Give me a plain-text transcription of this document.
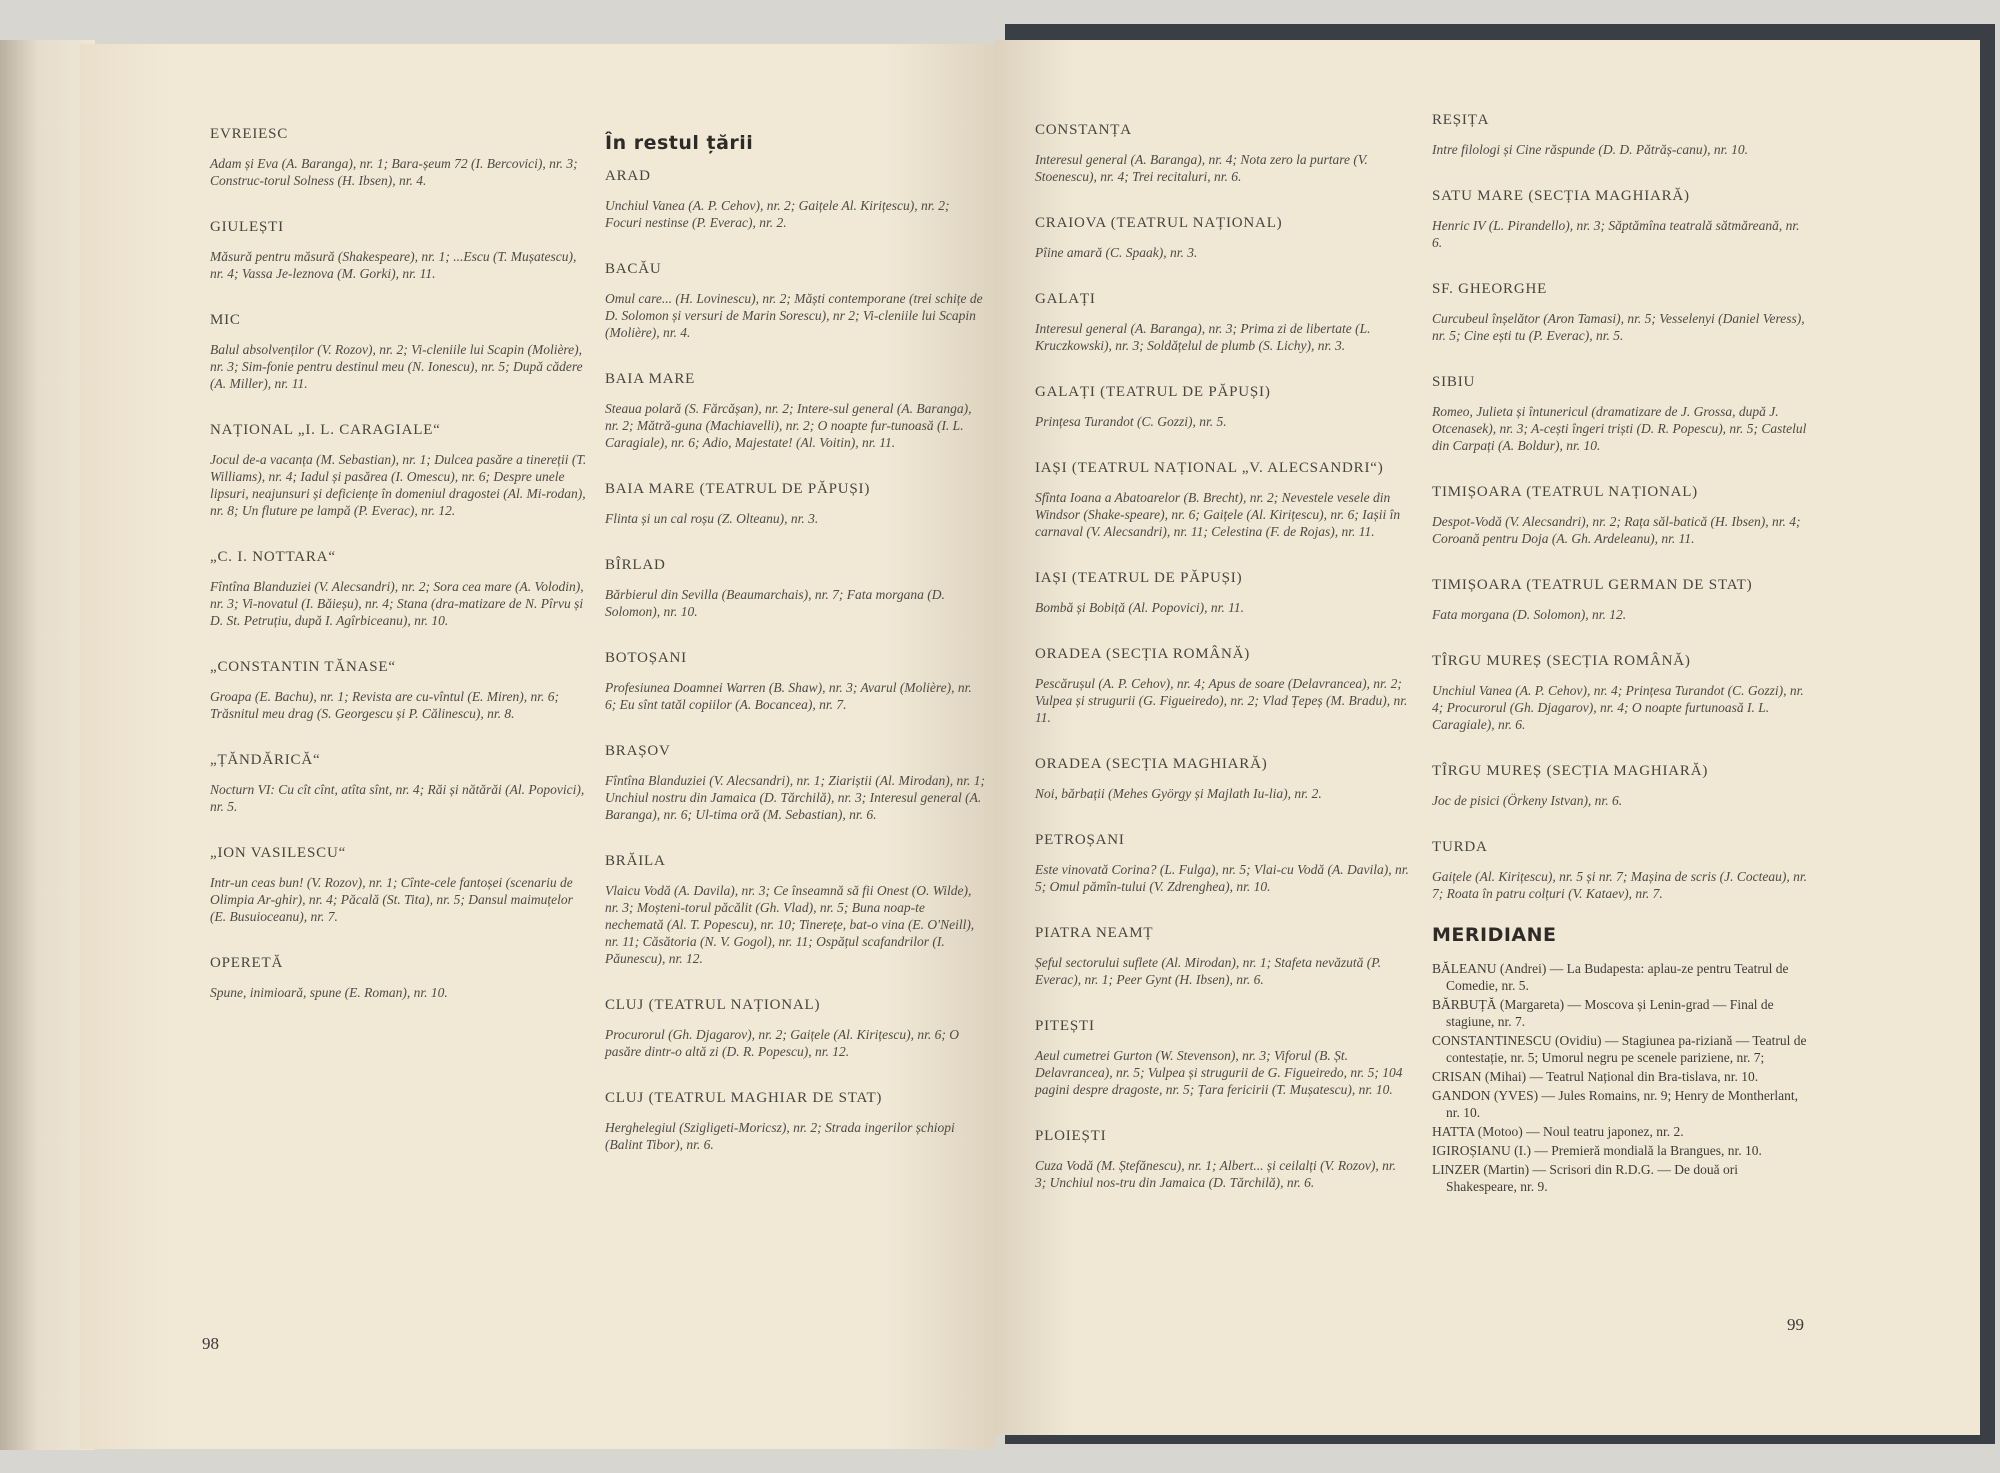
EVREIESC
Adam și Eva (A. Baranga), nr. 1; Bara-șeum 72 (I. Bercovici), nr. 3; Construc-torul Solness (H. Ibsen), nr. 4.
GIULEȘTI
Măsură pentru măsură (Shakespeare), nr. 1; ...Escu (T. Mușatescu), nr. 4; Vassa Je-leznova (M. Gorki), nr. 11.
MIC
Balul absolvenților (V. Rozov), nr. 2; Vi-cleniile lui Scapin (Molière), nr. 3; Sim-fonie pentru destinul meu (N. Ionescu), nr. 5; După cădere (A. Miller), nr. 11.
NAȚIONAL „I. L. CARAGIALE“
Jocul de-a vacanța (M. Sebastian), nr. 1; Dulcea pasăre a tinereții (T. Williams), nr. 4; Iadul și pasărea (I. Omescu), nr. 6; Despre unele lipsuri, neajunsuri și deficiențe în domeniul dragostei (Al. Mi-rodan), nr. 8; Un fluture pe lampă (P. Everac), nr. 12.
„C. I. NOTTARA“
Fîntîna Blanduziei (V. Alecsandri), nr. 2; Sora cea mare (A. Volodin), nr. 3; Vi-novatul (I. Băieșu), nr. 4; Stana (dra-matizare de N. Pîrvu și D. St. Petruțiu, după I. Agîrbiceanu), nr. 10.
„CONSTANTIN TĂNASE“
Groapa (E. Bachu), nr. 1; Revista are cu-vîntul (E. Miren), nr. 6; Trăsnitul meu drag (S. Georgescu și P. Călinescu), nr. 8.
„ȚĂNDĂRICĂ“
Nocturn VI: Cu cît cînt, atîta sînt, nr. 4; Răi și nătărăi (Al. Popovici), nr. 5.
„ION VASILESCU“
Intr-un ceas bun! (V. Rozov), nr. 1; Cînte-cele fantoșei (scenariu de Olimpia Ar-ghir), nr. 4; Păcală (St. Tita), nr. 5; Dansul maimuțelor (E. Busuioceanu), nr. 7.
OPERETĂ
Spune, inimioară, spune (E. Roman), nr. 10.
În restul țării
ARAD
Unchiul Vanea (A. P. Cehov), nr. 2; Gaițele Al. Kirițescu), nr. 2; Focuri nestinse (P. Everac), nr. 2.
BACĂU
Omul care... (H. Lovinescu), nr. 2; Măști contemporane (trei schițe de D. Solomon și versuri de Marin Sorescu), nr 2; Vi-cleniile lui Scapin (Molière), nr. 4.
BAIA MARE
Steaua polară (S. Fărcășan), nr. 2; Intere-sul general (A. Baranga), nr. 2; Mătră-guna (Machiavelli), nr. 2; O noapte fur-tunoasă (I. L. Caragiale), nr. 6; Adio, Majestate! (Al. Voitin), nr. 11.
BAIA MARE (TEATRUL DE PĂPUȘI)
Flinta și un cal roșu (Z. Olteanu), nr. 3.
BÎRLAD
Bărbierul din Sevilla (Beaumarchais), nr. 7; Fata morgana (D. Solomon), nr. 10.
BOTOȘANI
Profesiunea Doamnei Warren (B. Shaw), nr. 3; Avarul (Molière), nr. 6; Eu sînt tatăl copiilor (A. Bocancea), nr. 7.
BRAȘOV
Fîntîna Blanduziei (V. Alecsandri), nr. 1; Ziariștii (Al. Mirodan), nr. 1; Unchiul nostru din Jamaica (D. Tărchilă), nr. 3; Interesul general (A. Baranga), nr. 6; Ul-tima oră (M. Sebastian), nr. 6.
BRĂILA
Vlaicu Vodă (A. Davila), nr. 3; Ce înseamnă să fii Onest (O. Wilde), nr. 3; Moșteni-torul păcălit (Gh. Vlad), nr. 5; Buna noap-te nechemată (Al. T. Popescu), nr. 10; Tinerețe, bat-o vina (E. O'Neill), nr. 11; Căsătoria (N. V. Gogol), nr. 11; Ospățul scafandrilor (I. Păunescu), nr. 12.
CLUJ (TEATRUL NAȚIONAL)
Procurorul (Gh. Djagarov), nr. 2; Gaițele (Al. Kirițescu), nr. 6; O pasăre dintr-o altă zi (D. R. Popescu), nr. 12.
CLUJ (TEATRUL MAGHIAR DE STAT)
Herghelegiul (Szigligeti-Moricsz), nr. 2; Strada ingerilor șchiopi (Balint Tibor), nr. 6.
98
CONSTANȚA
Interesul general (A. Baranga), nr. 4; Nota zero la purtare (V. Stoenescu), nr. 4; Trei recitaluri, nr. 6.
CRAIOVA (TEATRUL NAȚIONAL)
Pîine amară (C. Spaak), nr. 3.
GALAȚI
Interesul general (A. Baranga), nr. 3; Prima zi de libertate (L. Kruczkowski), nr. 3; Soldățelul de plumb (S. Lichy), nr. 3.
GALAȚI (TEATRUL DE PĂPUȘI)
Prințesa Turandot (C. Gozzi), nr. 5.
IAȘI (TEATRUL NAȚIONAL „V. ALECSANDRI“)
Sfînta Ioana a Abatoarelor (B. Brecht), nr. 2; Nevestele vesele din Windsor (Shake-speare), nr. 6; Gaițele (Al. Kirițescu), nr. 6; Iașii în carnaval (V. Alecsandri), nr. 11; Celestina (F. de Rojas), nr. 11.
IAȘI (TEATRUL DE PĂPUȘI)
Bombă și Bobiță (Al. Popovici), nr. 11.
ORADEA (SECȚIA ROMÂNĂ)
Pescărușul (A. P. Cehov), nr. 4; Apus de soare (Delavrancea), nr. 2; Vulpea și strugurii (G. Figueiredo), nr. 2; Vlad Țepeș (M. Bradu), nr. 11.
ORADEA (SECȚIA MAGHIARĂ)
Noi, bărbații (Mehes György și Majlath Iu-lia), nr. 2.
PETROȘANI
Este vinovată Corina? (L. Fulga), nr. 5; Vlai-cu Vodă (A. Davila), nr. 5; Omul pămîn-tului (V. Zdrenghea), nr. 10.
PIATRA NEAMȚ
Șeful sectorului suflete (Al. Mirodan), nr. 1; Stafeta nevăzută (P. Everac), nr. 1; Peer Gynt (H. Ibsen), nr. 6.
PITEȘTI
Aeul cumetrei Gurton (W. Stevenson), nr. 3; Viforul (B. Șt. Delavrancea), nr. 5; Vulpea și strugurii de G. Figueiredo, nr. 5; 104 pagini despre dragoste, nr. 5; Țara fericirii (T. Mușatescu), nr. 10.
PLOIEȘTI
Cuza Vodă (M. Ștefănescu), nr. 1; Albert... și ceilalți (V. Rozov), nr. 3; Unchiul nos-tru din Jamaica (D. Tărchilă), nr. 6.
REȘIȚA
Intre filologi și Cine răspunde (D. D. Pătrăș-canu), nr. 10.
SATU MARE (SECȚIA MAGHIARĂ)
Henric IV (L. Pirandello), nr. 3; Săptămîna teatrală sătmăreană, nr. 6.
SF. GHEORGHE
Curcubeul înșelător (Aron Tamasi), nr. 5; Vesselenyi (Daniel Veress), nr. 5; Cine ești tu (P. Everac), nr. 5.
SIBIU
Romeo, Julieta și întunericul (dramatizare de J. Grossa, după J. Otcenasek), nr. 3; A-cești îngeri triști (D. R. Popescu), nr. 5; Castelul din Carpați (A. Boldur), nr. 10.
TIMIȘOARA (TEATRUL NAȚIONAL)
Despot-Vodă (V. Alecsandri), nr. 2; Rața săl-batică (H. Ibsen), nr. 4; Coroană pentru Doja (A. Gh. Ardeleanu), nr. 11.
TIMIȘOARA (TEATRUL GERMAN DE STAT)
Fata morgana (D. Solomon), nr. 12.
TÎRGU MUREȘ (SECȚIA ROMÂNĂ)
Unchiul Vanea (A. P. Cehov), nr. 4; Prințesa Turandot (C. Gozzi), nr. 4; Procurorul (Gh. Djagarov), nr. 4; O noapte furtunoasă I. L. Caragiale), nr. 6.
TÎRGU MUREȘ (SECȚIA MAGHIARĂ)
Joc de pisici (Örkeny Istvan), nr. 6.
TURDA
Gaițele (Al. Kirițescu), nr. 5 și nr. 7; Mașina de scris (J. Cocteau), nr. 7; Roata în patru colțuri (V. Kataev), nr. 7.
MERIDIANE
BĂLEANU (Andrei) — La Budapesta: aplau-ze pentru Teatrul de Comedie, nr. 5.
BĂRBUȚĂ (Margareta) — Moscova și Lenin-grad — Final de stagiune, nr. 7.
CONSTANTINESCU (Ovidiu) — Stagiunea pa-riziană — Teatrul de contestație, nr. 5; Umorul negru pe scenele pariziene, nr. 7;
CRISAN (Mihai) — Teatrul Național din Bra-tislava, nr. 10.
GANDON (YVES) — Jules Romains, nr. 9; Henry de Montherlant, nr. 10.
HATTA (Motoo) — Noul teatru japonez, nr. 2.
IGIROȘIANU (I.) — Premieră mondială la Brangues, nr. 10.
LINZER (Martin) — Scrisori din R.D.G. — De două ori Shakespeare, nr. 9.
99
